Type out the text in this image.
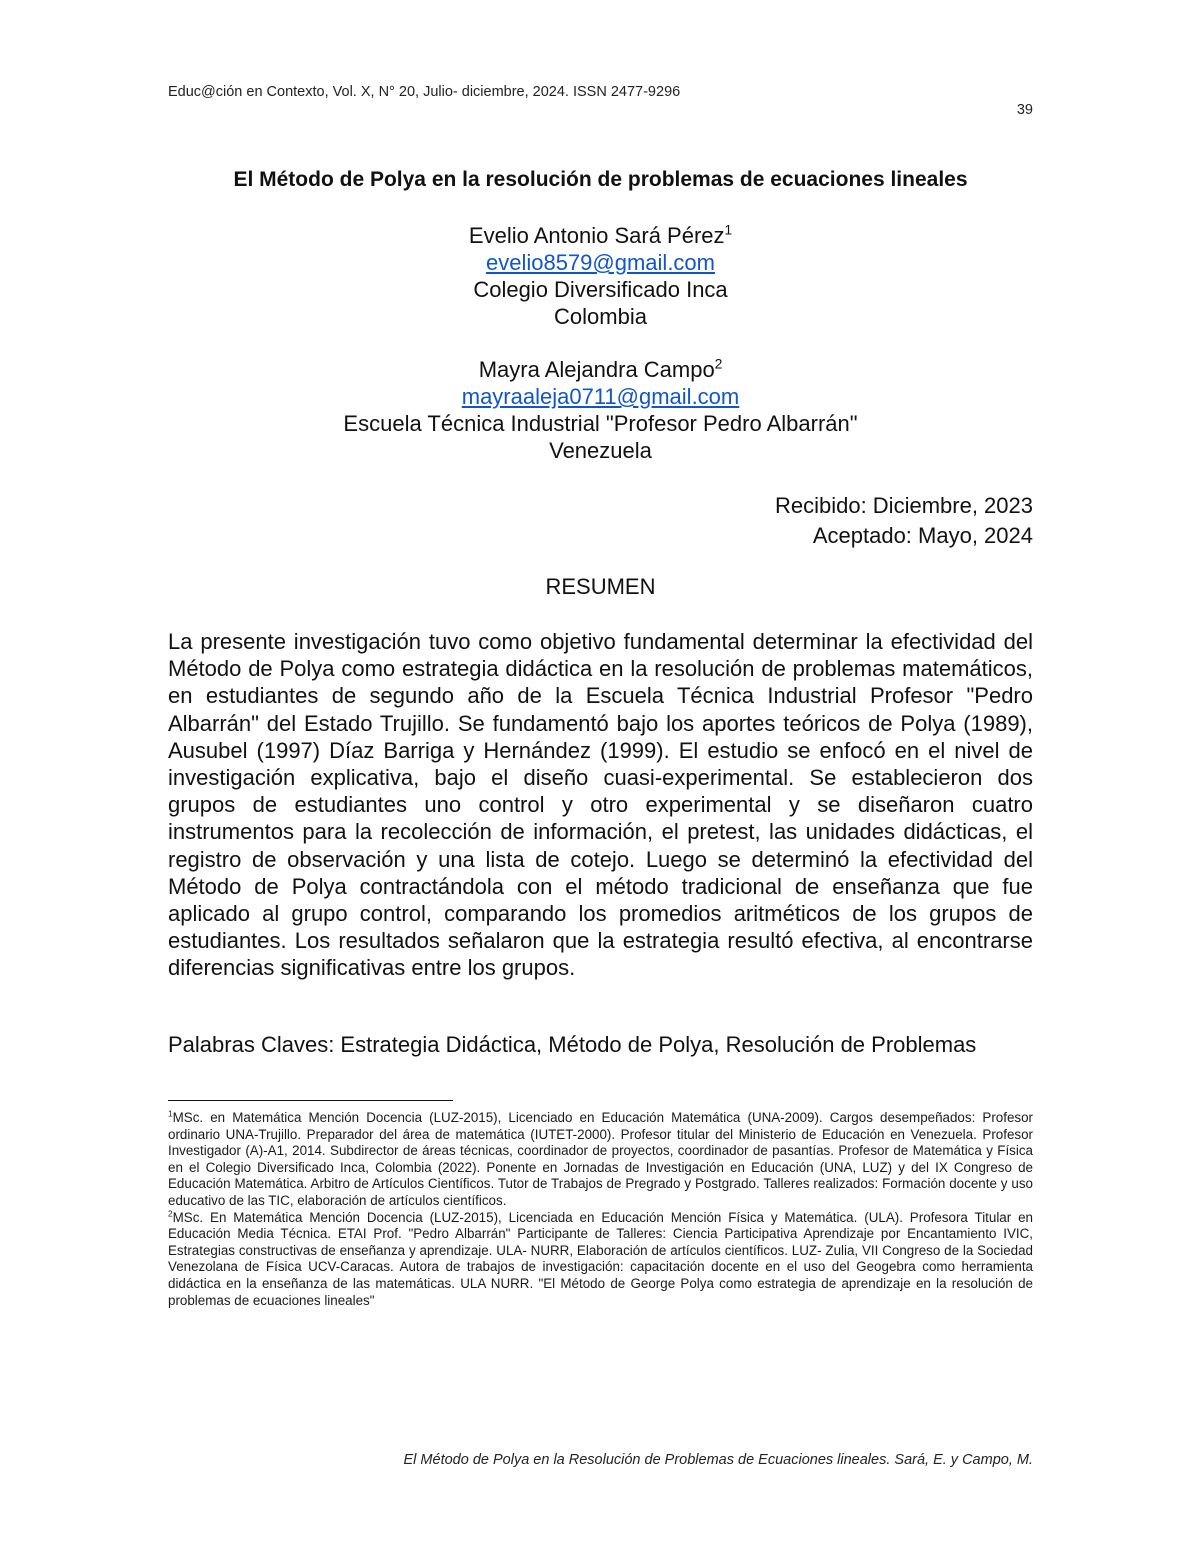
Educ@ción en Contexto, Vol. X, N° 20, Julio- diciembre, 2024. ISSN 2477-9296
39
El Método de Polya en la resolución de problemas de ecuaciones lineales
Evelio Antonio Sará Pérez$^1$
evelio8579@gmail.com
Colegio Diversificado Inca
Colombia
Mayra Alejandra Campo$^2$
mayraaleja0711@gmail.com
Escuela Técnica Industrial "Profesor Pedro Albarrán"
Venezuela
Recibido: Diciembre, 2023
Aceptado: Mayo, 2024
RESUMEN

La presente investigación tuvo como objetivo fundamental determinar la efectividad del Método de Polya como estrategia didáctica en la resolución de problemas matemáticos, en estudiantes de segundo año de la Escuela Técnica Industrial Profesor "Pedro Albarrán" del Estado Trujillo. Se fundamentó bajo los aportes teóricos de Polya (1989), Ausubel (1997) Díaz Barriga y Hernández (1999). El estudio se enfocó en el nivel de investigación explicativa, bajo el diseño cuasi-experimental. Se establecieron dos grupos de estudiantes uno control y otro experimental y se diseñaron cuatro instrumentos para la recolección de información, el pretest, las unidades didácticas, el registro de observación y una lista de cotejo. Luego se determinó la efectividad del Método de Polya contractándola con el método tradicional de enseñanza que fue aplicado al grupo control, comparando los promedios aritméticos de los grupos de estudiantes. Los resultados señalaron que la estrategia resultó efectiva, al encontrarse diferencias significativas entre los grupos.

Palabras Claves: Estrategia Didáctica, Método de Polya, Resolución de Problemas

$^1$MSc. en Matemática Mención Docencia (LUZ-2015), Licenciado en Educación Matemática (UNA-2009). Cargos desempeñados: Profesor ordinario UNA-Trujillo. Preparador del área de matemática (IUTET-2000). Profesor titular del Ministerio de Educación en Venezuela. Profesor Investigador (A)-A1, 2014. Subdirector de áreas técnicas, coordinador de proyectos, coordinador de pasantías. Profesor de Matemática y Física en el Colegio Diversificado Inca, Colombia (2022). Ponente en Jornadas de Investigación en Educación (UNA, LUZ) y del IX Congreso de Educación Matemática. Arbitro de Artículos Científicos. Tutor de Trabajos de Pregrado y Postgrado. Talleres realizados: Formación docente y uso educativo de las TIC, elaboración de artículos científicos.

$^2$MSc. En Matemática Mención Docencia (LUZ-2015), Licenciada en Educación Mención Física y Matemática. (ULA). Profesora Titular en Educación Media Técnica. ETAI Prof. "Pedro Albarrán" Participante de Talleres: Ciencia Participativa Aprendizaje por Encantamiento IVIC, Estrategias constructivas de enseñanza y aprendizaje. ULA- NURR, Elaboración de artículos científicos. LUZ- Zulia, VII Congreso de la Sociedad Venezolana de Física UCV-Caracas. Autora de trabajos de investigación: capacitación docente en el uso del Geogebra como herramienta didáctica en la enseñanza de las matemáticas. ULA NURR. "El Método de George Polya como estrategia de aprendizaje en la resolución de problemas de ecuaciones lineales"

El Método de Polya en la Resolución de Problemas de Ecuaciones lineales. Sará, E. y Campo, M.
